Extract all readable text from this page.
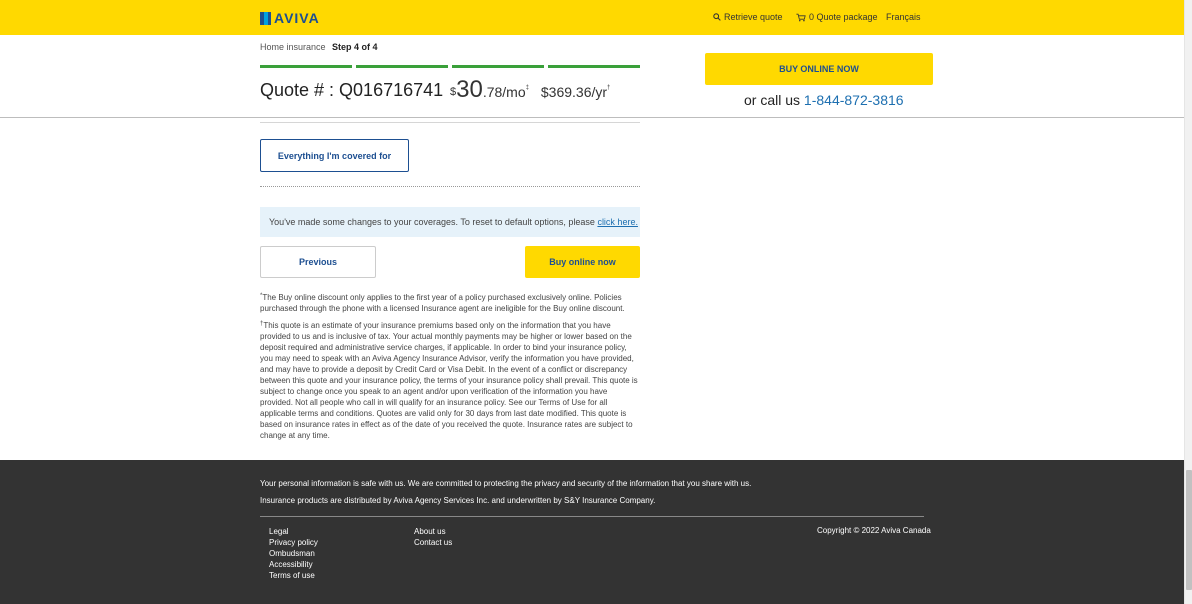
AVIVA	Retrieve quote	0 Quote package Français
Home insurance Step 4 of 4
Quote # : Q016716741 $30.78/mo‡ $369.36/yr†
BUY ONLINE NOW
or call us 1-844-872-3816
Everything I'm covered for
You've made some changes to your coverages. To reset to default options, please click here.
Previous	Buy online now
*The Buy online discount only applies to the first year of a policy purchased exclusively online. Policies purchased through the phone with a licensed Insurance agent are ineligible for the Buy online discount.
†This quote is an estimate of your insurance premiums based only on the information that you have provided to us and is inclusive of tax. Your actual monthly payments may be higher or lower based on the deposit required and administrative service charges, if applicable. In order to bind your insurance policy, you may need to speak with an Aviva Agency Insurance Advisor, verify the information you have provided, and may have to provide a deposit by Credit Card or Visa Debit. In the event of a conflict or discrepancy between this quote and your insurance policy, the terms of your insurance policy shall prevail. This quote is subject to change once you speak to an agent and/or upon verification of the information you have provided. Not all people who call in will qualify for an insurance policy. See our Terms of Use for all applicable terms and conditions. Quotes are valid only for 30 days from last date modified. This quote is based on insurance rates in effect as of the date of you received the quote. Insurance rates are subject to change at any time.
Your personal information is safe with us. We are committed to protecting the privacy and security of the information that you share with us.
Insurance products are distributed by Aviva Agency Services Inc. and underwritten by S&Y Insurance Company.
Legal
Privacy policy
Ombudsman
Accessibility
Terms of use
About us
Contact us
Copyright © 2022 Aviva Canada
